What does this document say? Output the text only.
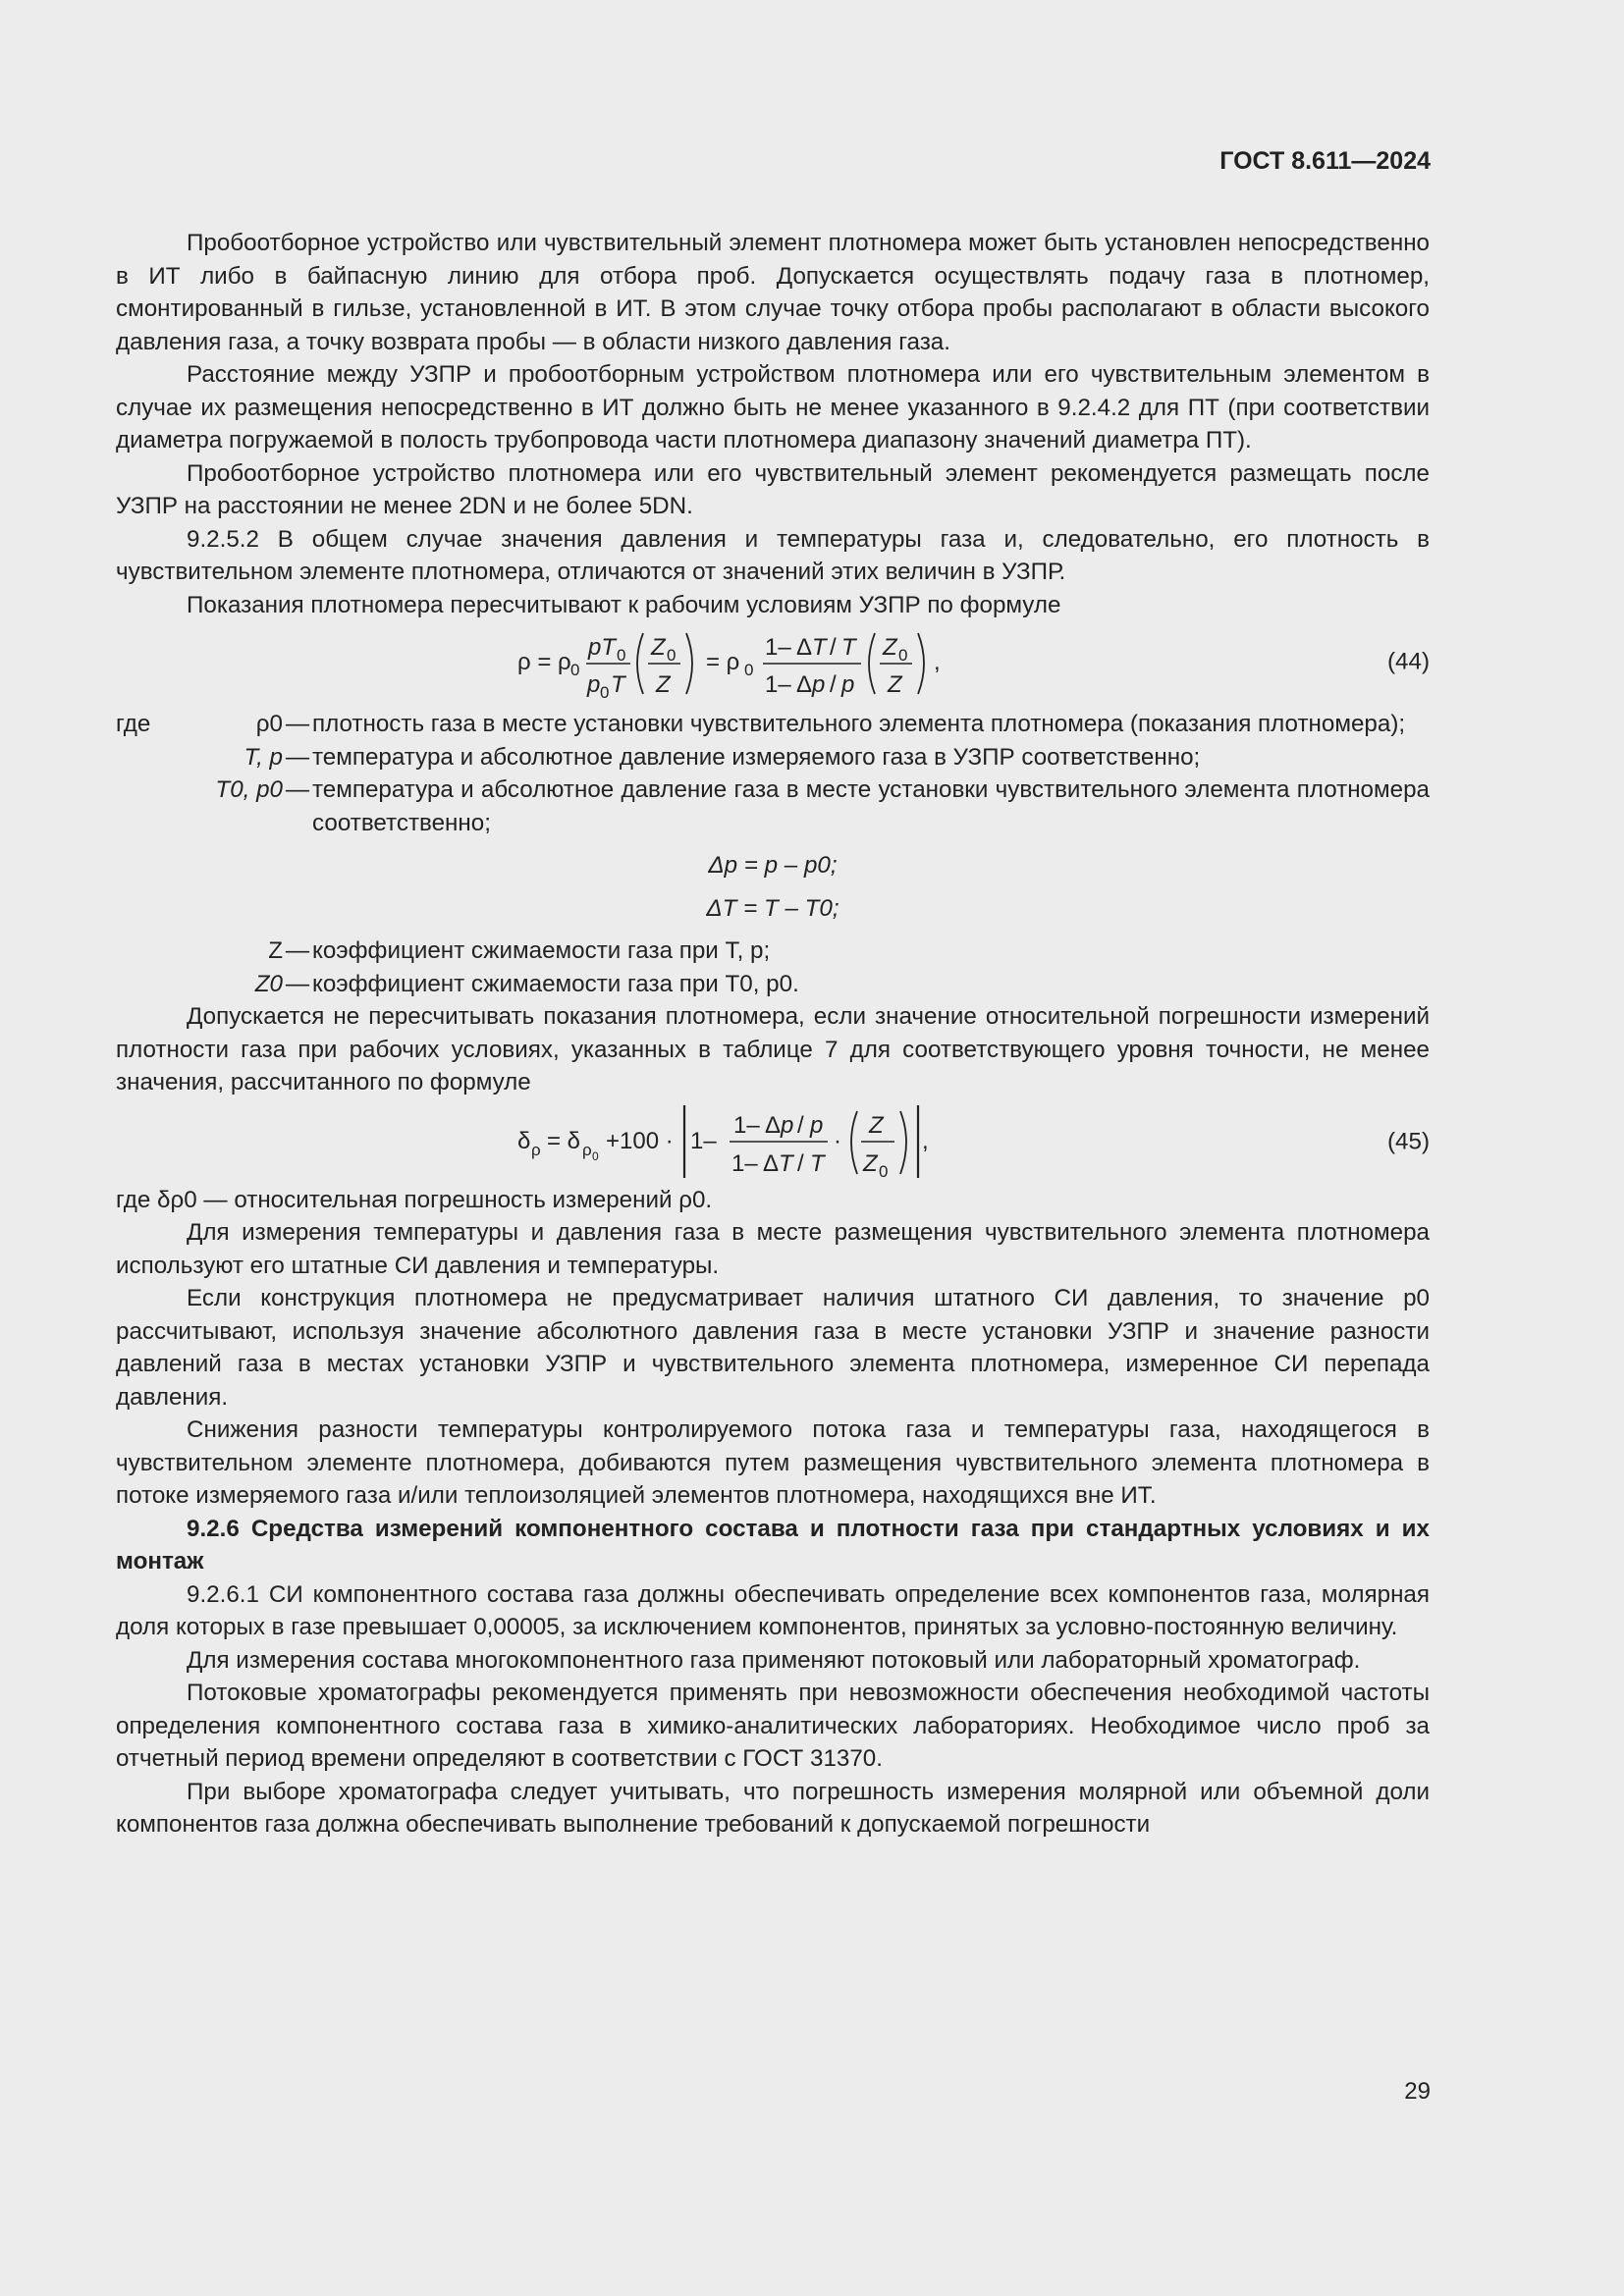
ГОСТ 8.611—2024

Пробоотборное устройство или чувствительный элемент плотномера может быть установлен непосредственно в ИТ либо в байпасную линию для отбора проб. Допускается осуществлять подачу газа в плотномер, смонтированный в гильзе, установленной в ИТ. В этом случае точку отбора пробы располагают в области высокого давления газа, а точку возврата пробы — в области низкого давления газа.

Расстояние между УЗПР и пробоотборным устройством плотномера или его чувствительным элементом в случае их размещения непосредственно в ИТ должно быть не менее указанного в 9.2.4.2 для ПТ (при соответствии диаметра погружаемой в полость трубопровода части плотномера диапазону значений диаметра ПТ).

Пробоотборное устройство плотномера или его чувствительный элемент рекомендуется размещать после УЗПР на расстоянии не менее 2DN и не более 5DN.

9.2.5.2 В общем случае значения давления и температуры газа и, следовательно, его плотность в чувствительном элементе плотномера, отличаются от значений этих величин в УЗПР.

Показания плотномера пересчитывают к рабочим условиям УЗПР по формуле

ρ = ρ 0
pT 0
p 0 T
Z 0
Z
= ρ 0
1– Δ T / T
1– Δ p / p
Z 0
Z
,	(44)
где	ρ0 — плотность газа в месте установки чувствительного элемента плотномера (показания плотномера);
T, p — температура и абсолютное давление измеряемого газа в УЗПР соответственно;
T0, p0 — температура и абсолютное давление газа в месте установки чувствительного элемента плотномера соответственно;
Δp = p – p0;
ΔT = T – T0;
Z — коэффициент сжимаемости газа при T, p;
Z0 — коэффициент сжимаемости газа при T0, p0.

Допускается не пересчитывать показания плотномера, если значение относительной погрешности измерений плотности газа при рабочих условиях, указанных в таблице 7 для соответствующего уровня точности, не менее значения, рассчитанного по формуле

δ ρ = δ ρ 0
+100 · 1–
1– Δ p / p
1– Δ T / T
·
Z
Z 0
,	(45)

где δρ0 — относительная погрешность измерений ρ0.

Для измерения температуры и давления газа в месте размещения чувствительного элемента плотномера используют его штатные СИ давления и температуры.

Если конструкция плотномера не предусматривает наличия штатного СИ давления, то значение p0 рассчитывают, используя значение абсолютного давления газа в месте установки УЗПР и значение разности давлений газа в местах установки УЗПР и чувствительного элемента плотномера, измеренное СИ перепада давления.

Снижения разности температуры контролируемого потока газа и температуры газа, находящегося в чувствительном элементе плотномера, добиваются путем размещения чувствительного элемента плотномера в потоке измеряемого газа и/или теплоизоляцией элементов плотномера, находящихся вне ИТ.

9.2.6 Средства измерений компонентного состава и плотности газа при стандартных условиях и их монтаж

9.2.6.1 СИ компонентного состава газа должны обеспечивать определение всех компонентов газа, молярная доля которых в газе превышает 0,00005, за исключением компонентов, принятых за условно-постоянную величину.

Для измерения состава многокомпонентного газа применяют потоковый или лабораторный хроматограф.

Потоковые хроматографы рекомендуется применять при невозможности обеспечения необходимой частоты определения компонентного состава газа в химико-аналитических лабораториях. Необходимое число проб за отчетный период времени определяют в соответствии с ГОСТ 31370.

При выборе хроматографа следует учитывать, что погрешность измерения молярной или объемной доли компонентов газа должна обеспечивать выполнение требований к допускаемой погрешности

29
